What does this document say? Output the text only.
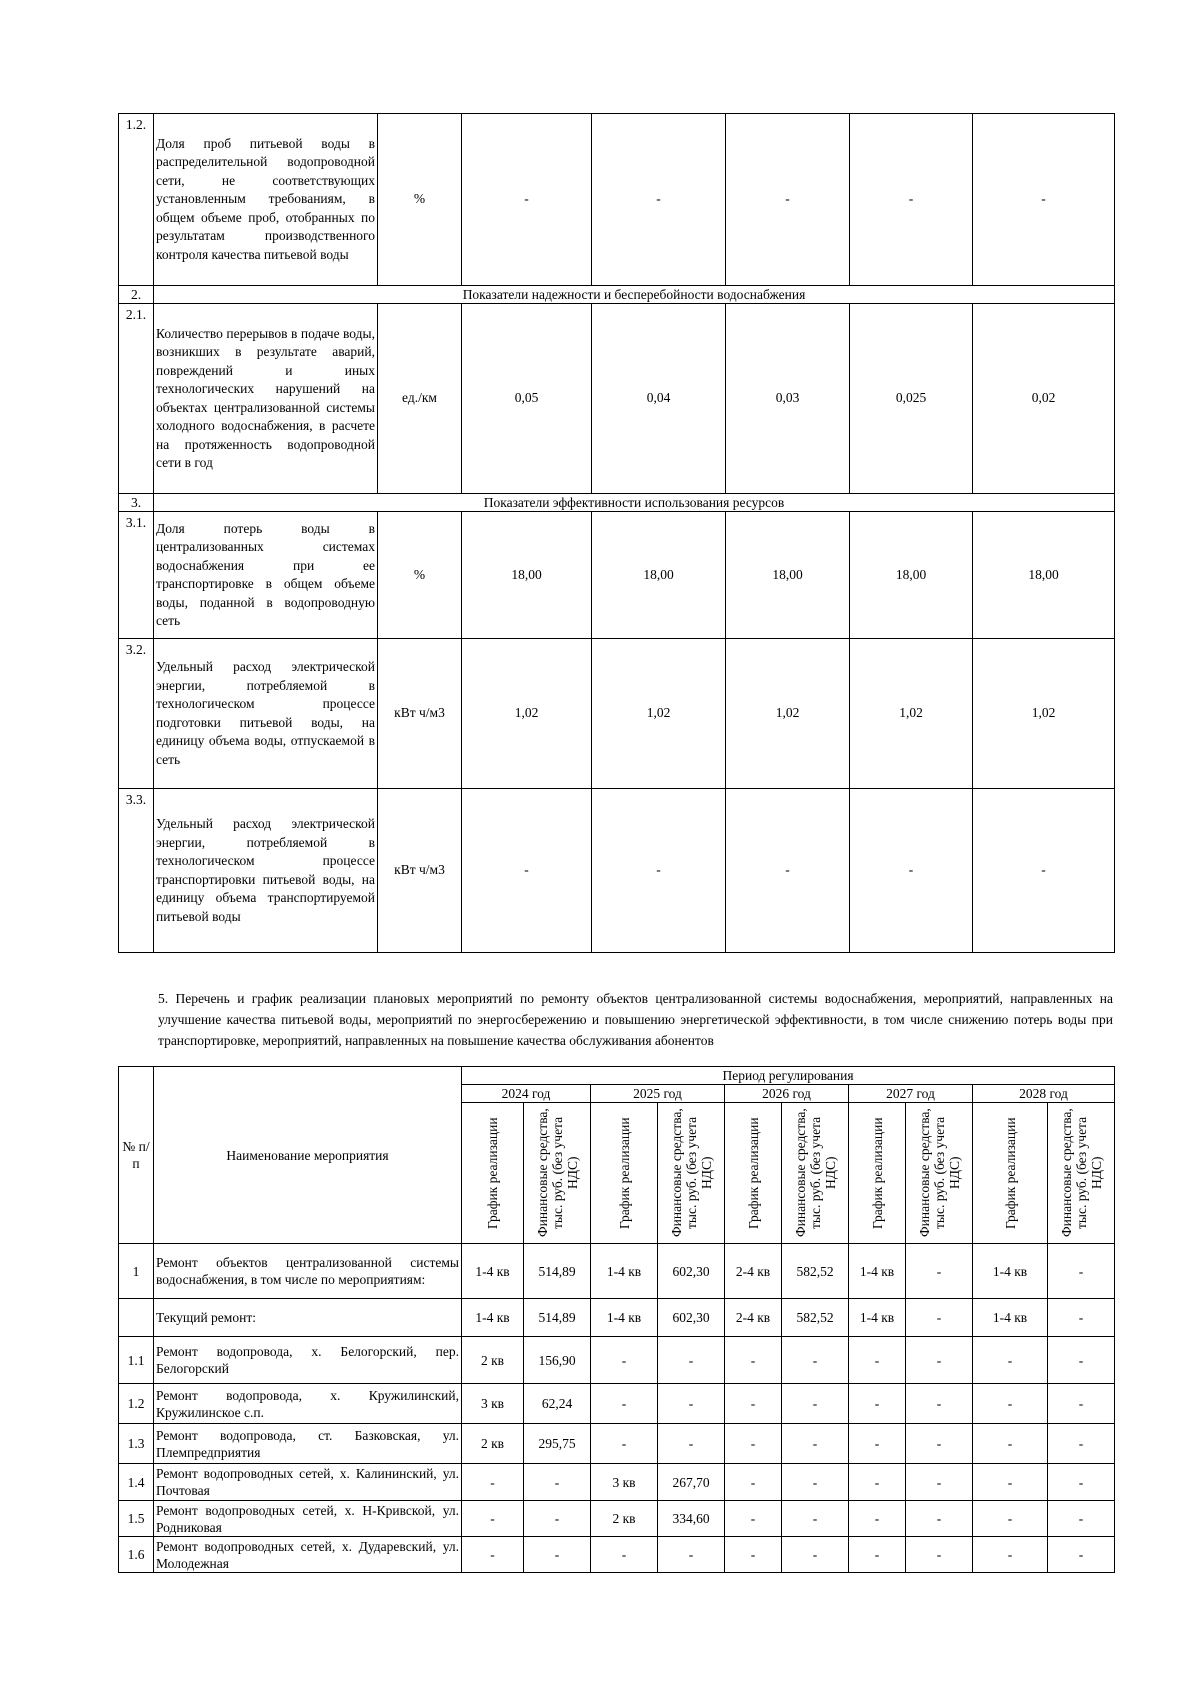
1.2.	Доля проб питьевой воды в распределительной водопроводной сети, не соответствующих установленным требованиям, в общем объеме проб, отобранных по результатам производственного контроля качества питьевой воды	%	-	-	-	-	-
2.	Показатели надежности и бесперебойности водоснабжения						
2.1.	Количество перерывов в подаче воды, возникших в результате аварий, повреждений и иных технологических нарушений на объектах централизованной системы холодного водоснабжения, в расчете на протяженность водопроводной сети в год	ед./км	0,05	0,04	0,03	0,025	0,02
3.	Показатели эффективности использования ресурсов						
3.1.	Доля потерь воды в централизованных системах водоснабжения при ее транспортировке в общем объеме воды, поданной в водопроводную сеть	%	18,00	18,00	18,00	18,00	18,00
3.2.	Удельный расход электрической энергии, потребляемой в технологическом процессе подготовки питьевой воды, на единицу объема воды, отпускаемой в сеть	кВт ч/м3	1,02	1,02	1,02	1,02	1,02
3.3.	Удельный расход электрической энергии, потребляемой в технологическом процессе транспортировки питьевой воды, на единицу объема транспортируемой питьевой воды	кВт ч/м3	-	-	-	-	-

5. Перечень и график реализации плановых мероприятий по ремонту объектов централизованной системы водоснабжения, мероприятий, направленных на улучшение качества питьевой воды, мероприятий по энергосбережению и повышению энергетической эффективности, в том числе снижению потерь воды при транспортировке, мероприятий, направленных на повышение качества обслуживания абонентов

№ п/п	Наименование мероприятия	Период регулирования									
		2024 год		2025 год		2026 год		2027 год		2028 год	

		График реализации	Финансовые средства, тыс. руб. (без учета НДС)	График реализации	Финансовые средства, тыс. руб. (без учета НДС)	График реализации	Финансовые средства, тыс. руб. (без учета НДС)	График реализации	Финансовые средства, тыс. руб. (без учета НДС)	График реализации	Финансовые средства, тыс. руб. (без учета НДС)

1	Ремонт объектов централизованной системы водоснабжения, в том числе по мероприятиям:	1-4 кв	514,89	1-4 кв	602,30	2-4 кв	582,52	1-4 кв	-	1-4 кв	-
	Текущий ремонт:	1-4 кв	514,89	1-4 кв	602,30	2-4 кв	582,52	1-4 кв	-	1-4 кв	-
1.1	Ремонт водопровода, х. Белогорский, пер. Белогорский	2 кв	156,90	-	-	-	-	-	-	-	-
1.2	Ремонт водопровода, х. Кружилинский, Кружилинское с.п.	3 кв	62,24	-	-	-	-	-	-	-	-
1.3	Ремонт водопровода, ст. Базковская, ул. Племпредприятия	2 кв	295,75	-	-	-	-	-	-	-	-
1.4	Ремонт водопроводных сетей, х. Калининский, ул. Почтовая	-	-	3 кв	267,70	-	-	-	-	-	-
1.5	Ремонт водопроводных сетей, х. Н-Кривской, ул. Родниковая	-	-	2 кв	334,60	-	-	-	-	-	-
1.6	Ремонт водопроводных сетей, х. Дударевский, ул. Молодежная	-	-	-	-	-	-	-	-	-	-
